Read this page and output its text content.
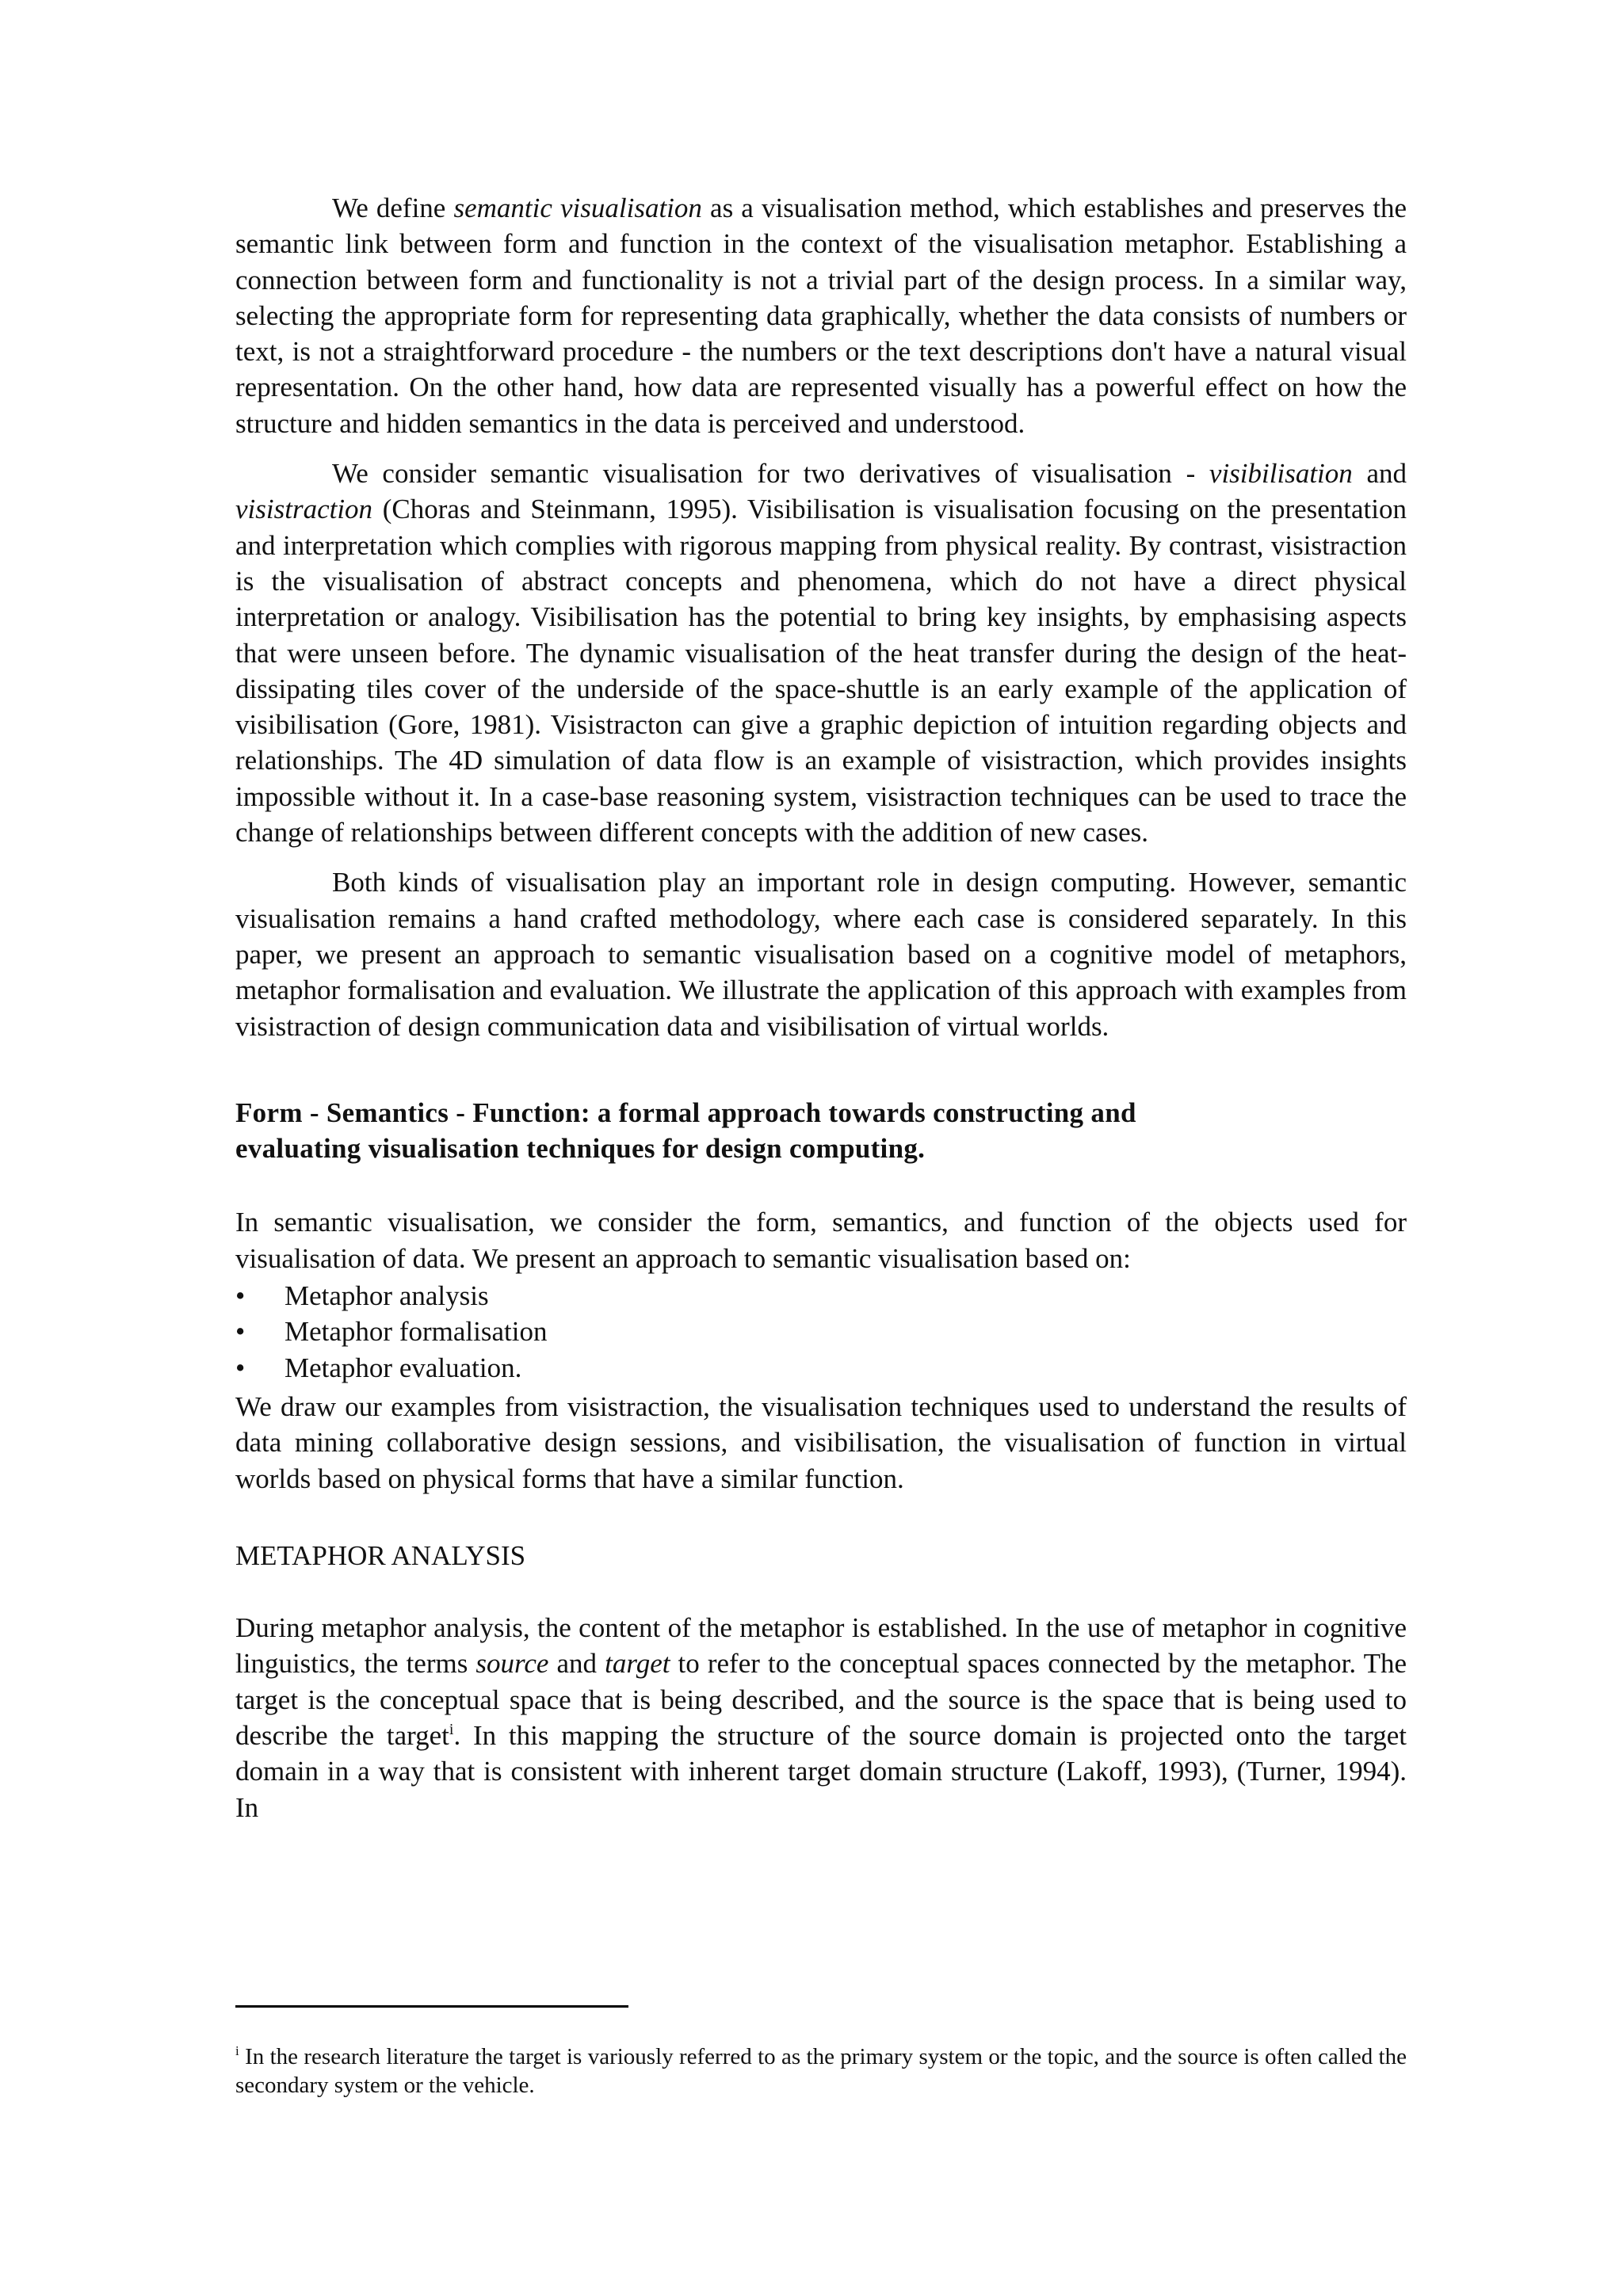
We define semantic visualisation as a visualisation method, which establishes and preserves the semantic link between form and function in the context of the visualisation metaphor. Establishing a connection between form and functionality is not a trivial part of the design process. In a similar way, selecting the appropriate form for representing data graphically, whether the data consists of numbers or text, is not a straightforward procedure - the numbers or the text descriptions don't have a natural visual representation. On the other hand, how data are represented visually has a powerful effect on how the structure and hidden semantics in the data is perceived and understood.

We consider semantic visualisation for two derivatives of visualisation - visibilisation and visistraction (Choras and Steinmann, 1995). Visibilisation is visualisation focusing on the presentation and interpretation which complies with rigorous mapping from physical reality. By contrast, visistraction is the visualisation of abstract concepts and phenomena, which do not have a direct physical interpretation or analogy. Visibilisation has the potential to bring key insights, by emphasising aspects that were unseen before. The dynamic visualisation of the heat transfer during the design of the heat-dissipating tiles cover of the underside of the space-shuttle is an early example of the application of visibilisation (Gore, 1981). Visistracton can give a graphic depiction of intuition regarding objects and relationships. The 4D simulation of data flow is an example of visistraction, which provides insights impossible without it. In a case-base reasoning system, visistraction techniques can be used to trace the change of relationships between different concepts with the addition of new cases.

Both kinds of visualisation play an important role in design computing. However, semantic visualisation remains a hand crafted methodology, where each case is considered separately. In this paper, we present an approach to semantic visualisation based on a cognitive model of metaphors, metaphor formalisation and evaluation. We illustrate the application of this approach with examples from visistraction of design communication data and visibilisation of virtual worlds.

Form - Semantics - Function: a formal approach towards constructing and
evaluating visualisation techniques for design computing.

In semantic visualisation, we consider the form, semantics, and function of the objects used for visualisation of data. We present an approach to semantic visualisation based on:

• Metaphor analysis
• Metaphor formalisation
• Metaphor evaluation.

We draw our examples from visistraction, the visualisation techniques used to understand the results of data mining collaborative design sessions, and visibilisation, the visualisation of function in virtual worlds based on physical forms that have a similar function.

METAPHOR ANALYSIS

During metaphor analysis, the content of the metaphor is established. In the use of metaphor in cognitive linguistics, the terms source and target to refer to the conceptual spaces connected by the metaphor. The target is the conceptual space that is being described, and the source is the space that is being used to describe the target$^i$. In this mapping the structure of the source domain is projected onto the target domain in a way that is consistent with inherent target domain structure (Lakoff, 1993), (Turner, 1994). In

$^i$ In the research literature the target is variously referred to as the primary system or the topic, and the source is often called the secondary system or the vehicle.
